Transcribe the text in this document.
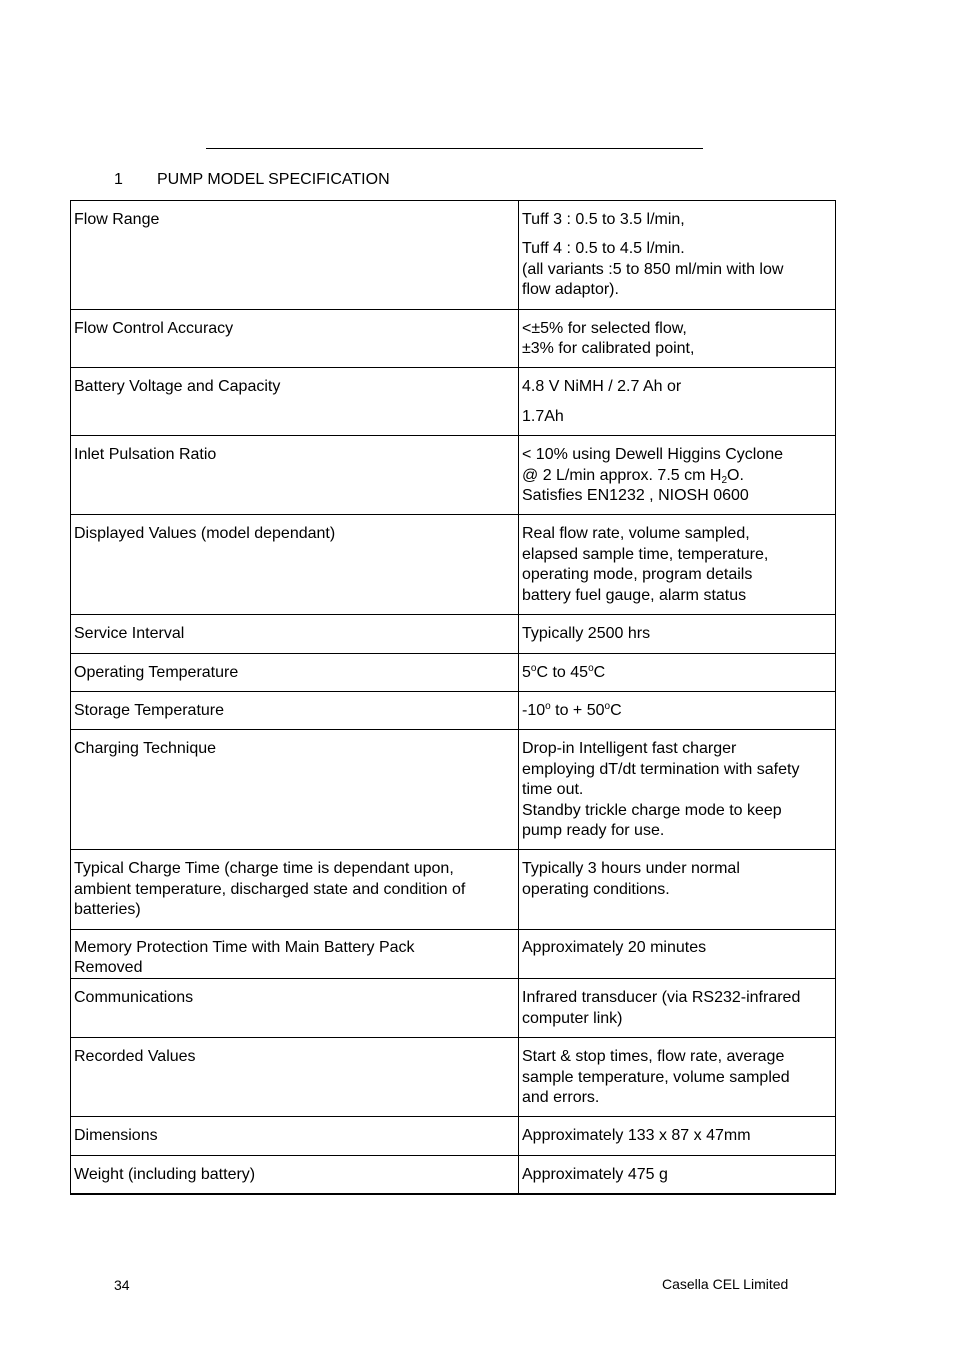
1 PUMP MODEL SPECIFICATION
Flow Range	Tuff 3 : 0.5 to 3.5 l/min,
Tuff 4 : 0.5 to 4.5 l/min.
(all variants :5 to 850 ml/min with low
flow adaptor).

Flow Control Accuracy	<±5% for selected flow,
±3% for calibrated point,

Battery Voltage and Capacity	4.8 V NiMH / 2.7 Ah or
1.7Ah

Inlet Pulsation Ratio	< 10% using Dewell Higgins Cyclone
@ 2 L/min approx. 7.5 cm $H_2O$.
Satisfies EN1232 , NIOSH 0600

Displayed Values (model dependant)	Real flow rate, volume sampled,
elapsed sample time, temperature,
operating mode, program details
battery fuel gauge, alarm status

Service Interval	Typically 2500 hrs

Operating Temperature	5$^o$C to 45$^o$C

Storage Temperature	-10$^o$ to + $50^oC$

Charging Technique	Drop-in Intelligent fast charger
employing dT/dt termination with safety
time out.
Standby trickle charge mode to keep
pump ready for use.

Typical Charge Time (charge time is dependant upon,
ambient temperature, discharged state and condition of
batteries)	Typically 3 hours under normal
operating conditions.

Memory Protection Time with Main Battery Pack
Removed	Approximately 20 minutes

Communications	Infrared transducer (via RS232-infrared
computer link)

Recorded Values	Start & stop times, flow rate, average
sample temperature, volume sampled
and errors.

Dimensions	Approximately 133 x 87 x 47mm

Weight (including battery)	Approximately 475 g
34	Casella CEL Limited
